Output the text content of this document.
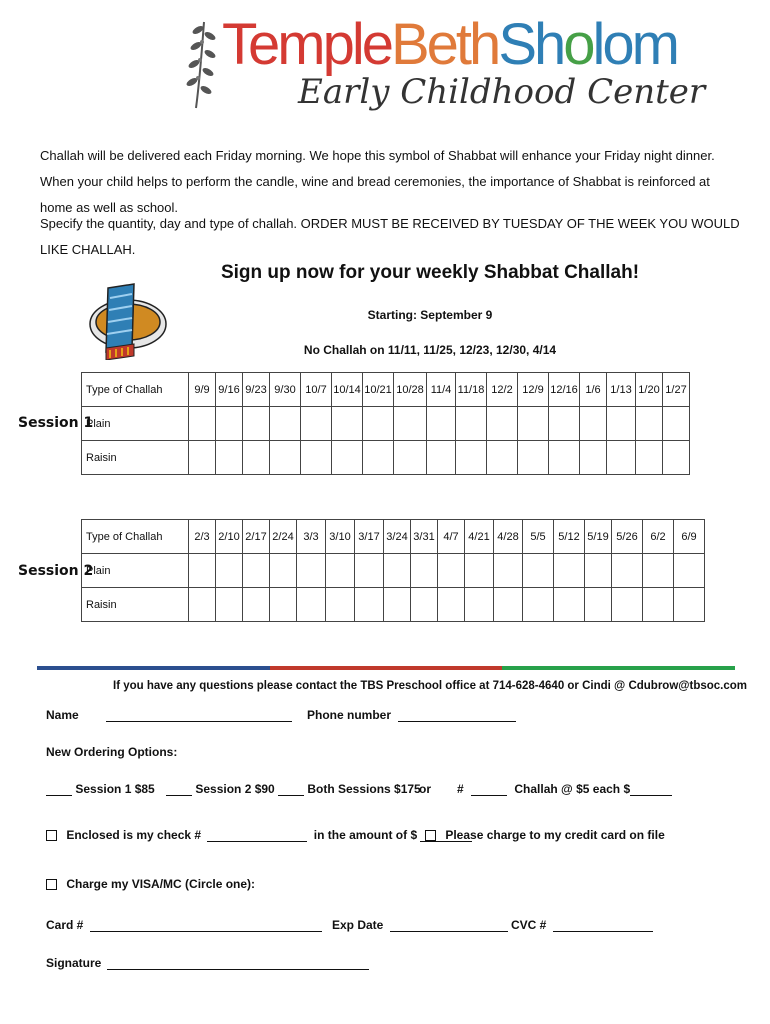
TempleBethSholom
Early Childhood Center
Challah will be delivered each Friday morning. We hope this symbol of Shabbat will enhance your Friday night dinner. When your child helps to perform the candle, wine and bread ceremonies, the importance of Shabbat is reinforced at home as well as school.
Specify the quantity, day and type of challah. ORDER MUST BE RECEIVED BY TUESDAY OF THE WEEK YOU WOULD LIKE CHALLAH.
Sign up now for your weekly Shabbat Challah!
Starting: September 9
No Challah on 11/11, 11/25, 12/23, 12/30, 4/14
Session 1
Type of Challah	9/9	9/16	9/23	9/30	10/7	10/14	10/21	10/28	11/4	11/18	12/2	12/9	12/16	1/6	1/13	1/20	1/27
Plain																	
Raisin																	
Session 2
Type of Challah	2/3	2/10	2/17	2/24	3/3	3/10	3/17	3/24	3/31	4/7	4/21	4/28	5/5	5/12	5/19	5/26	6/2	6/9
Plain																		
Raisin																		
If you have any questions please contact the TBS Preschool office at 714-628-4640 or Cindi @ Cdubrow@tbsoc.com
Name	Phone number
New Ordering Options:
Session 1 $85	Session 2 $90	Both Sessions $175
or #	Challah @ $5 each $
Enclosed is my check #	in the amount of $	Please charge to my credit card on file
Charge my VISA/MC (Circle one):
Card #	Exp Date	CVC #
Signature
